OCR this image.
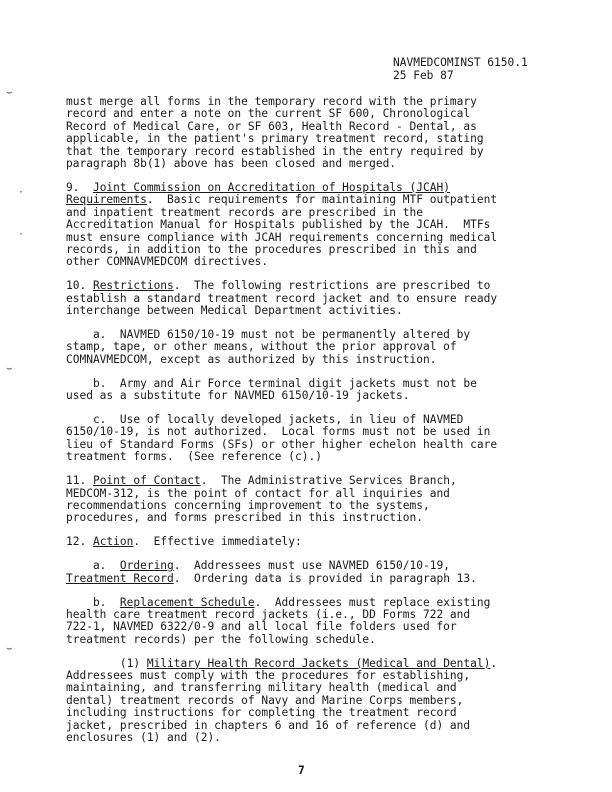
NAVMEDCOMINST 6150.1
25 Feb 87
⌣
·
·
⌣
⌣
must merge all forms in the temporary record with the primary
record and enter a note on the current SF 600, Chronological
Record of Medical Care, or SF 603, Health Record - Dental, as
applicable, in the patient's primary treatment record, stating
that the temporary record established in the entry required by
paragraph 8b(1) above has been closed and merged.
9.  Joint Commission on Accreditation of Hospitals (JCAH)
Requirements.  Basic requirements for maintaining MTF outpatient
and inpatient treatment records are prescribed in the
Accreditation Manual for Hospitals published by the JCAH.  MTFs
must ensure compliance with JCAH requirements concerning medical
records, in addition to the procedures prescribed in this and
other COMNAVMEDCOM directives.
10. Restrictions.  The following restrictions are prescribed to
establish a standard treatment record jacket and to ensure ready
interchange between Medical Department activities.
a.  NAVMED 6150/10-19 must not be permanently altered by
stamp, tape, or other means, without the prior approval of
COMNAVMEDCOM, except as authorized by this instruction.
b.  Army and Air Force terminal digit jackets must not be
used as a substitute for NAVMED 6150/10-19 jackets.
c.  Use of locally developed jackets, in lieu of NAVMED
6150/10-19, is not authorized.  Local forms must not be used in
lieu of Standard Forms (SFs) or other higher echelon health care
treatment forms.  (See reference (c).)
11. Point of Contact.  The Administrative Services Branch,
MEDCOM-312, is the point of contact for all inquiries and
recommendations concerning improvement to the systems,
procedures, and forms prescribed in this instruction.
12. Action.  Effective immediately:
a.  Ordering.  Addressees must use NAVMED 6150/10-19,
Treatment Record.  Ordering data is provided in paragraph 13.
b.  Replacement Schedule.  Addressees must replace existing
health care treatment record jackets (i.e., DD Forms 722 and
722-1, NAVMED 6322/0-9 and all local file folders used for
treatment records) per the following schedule.
(1) Military Health Record Jackets (Medical and Dental).
Addressees must comply with the procedures for establishing,
maintaining, and transferring military health (medical and
dental) treatment records of Navy and Marine Corps members,
including instructions for completing the treatment record
jacket, prescribed in chapters 6 and 16 of reference (d) and
enclosures (1) and (2).
7
